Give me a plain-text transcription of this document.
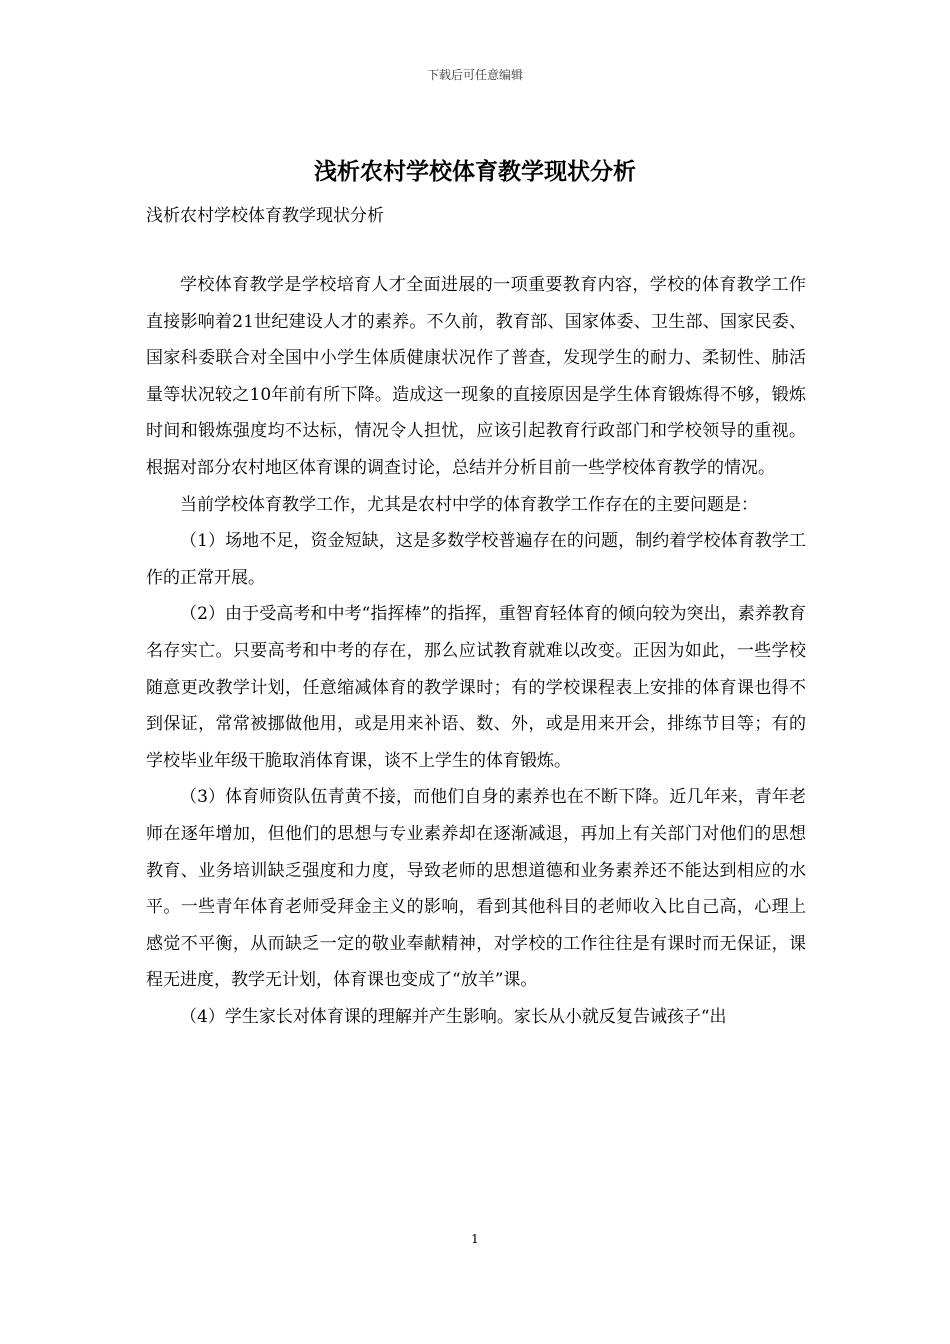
下载后可任意编辑
浅析农村学校体育教学现状分析

浅析农村学校体育教学现状分析

学校体育教学是学校培育人才全面进展的一项重要教育内容，学校的体育教学工作直接影响着21世纪建设人才的素养。不久前，教育部、国家体委、卫生部、国家民委、国家科委联合对全国中小学生体质健康状况作了普查，发现学生的耐力、柔韧性、肺活量等状况较之10年前有所下降。造成这一现象的直接原因是学生体育锻炼得不够，锻炼时间和锻炼强度均不达标，情况令人担忧，应该引起教育行政部门和学校领导的重视。根据对部分农村地区体育课的调查讨论，总结并分析目前一些学校体育教学的情况。

当前学校体育教学工作，尤其是农村中学的体育教学工作存在的主要问题是：

（1）场地不足，资金短缺，这是多数学校普遍存在的问题，制约着学校体育教学工作的正常开展。

（2）由于受高考和中考“指挥棒”的指挥，重智育轻体育的倾向较为突出，素养教育名存实亡。只要高考和中考的存在，那么应试教育就难以改变。正因为如此，一些学校随意更改教学计划，任意缩减体育的教学课时；有的学校课程表上安排的体育课也得不到保证，常常被挪做他用，或是用来补语、数、外，或是用来开会，排练节目等；有的学校毕业年级干脆取消体育课，谈不上学生的体育锻炼。

（3）体育师资队伍青黄不接，而他们自身的素养也在不断下降。近几年来，青年老师在逐年增加，但他们的思想与专业素养却在逐渐减退，再加上有关部门对他们的思想教育、业务培训缺乏强度和力度，导致老师的思想道德和业务素养还不能达到相应的水平。一些青年体育老师受拜金主义的影响，看到其他科目的老师收入比自己高，心理上感觉不平衡，从而缺乏一定的敬业奉献精神，对学校的工作往往是有课时而无保证，课程无进度，教学无计划，体育课也变成了“放羊”课。

（4）学生家长对体育课的理解并产生影响。家长从小就反复告诫孩子“出

1
